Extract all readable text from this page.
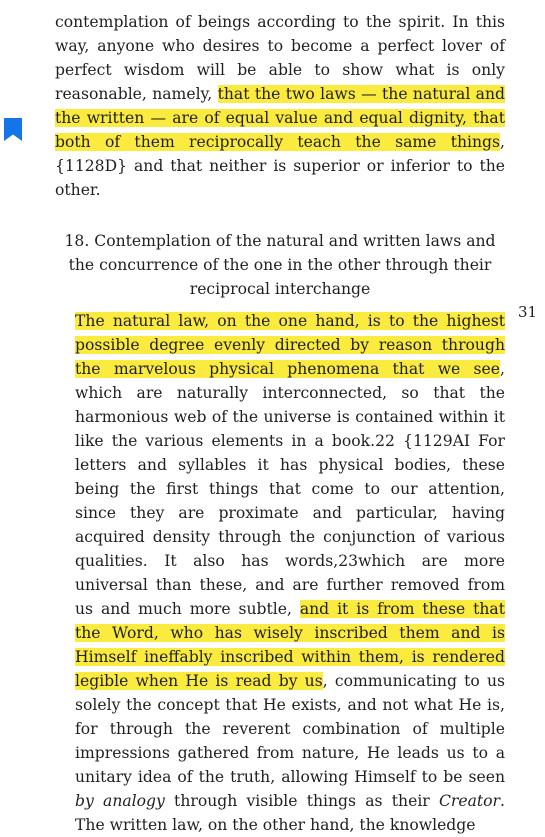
31

contemplation of beings according to the spirit. In this way, anyone who desires to become a perfect lover of perfect wisdom will be able to show what is only reasonable, namely, that the two laws — the natural and the written — are of equal value and equal dignity, that both of them reciprocally teach the same things, {1128D} and that neither is superior or inferior to the other.

18. Contemplation of the natural and written laws and the concurrence of the one in the other through their reciprocal interchange

The natural law, on the one hand, is to the highest possible degree evenly directed by reason through the marvelous physical phenomena that we see, which are naturally interconnected, so that the harmonious web of the universe is contained within it like the various elements in a book.22 {1129AI For letters and syllables it has physical bodies, these being the first things that come to our attention, since they are proximate and particular, having acquired density through the conjunction of various qualities. It also has words,23which are more universal than these, and are further removed from us and much more subtle, and it is from these that the Word, who has wisely inscribed them and is Himself ineffably inscribed within them, is rendered legible when He is read by us, communicating to us solely the concept that He exists, and not what He is, for through the reverent combination of multiple impressions gathered from nature, He leads us to a unitary idea of the truth, allowing Himself to be seen by analogy through visible things as their Creator. The written law, on the other hand, the knowledge
